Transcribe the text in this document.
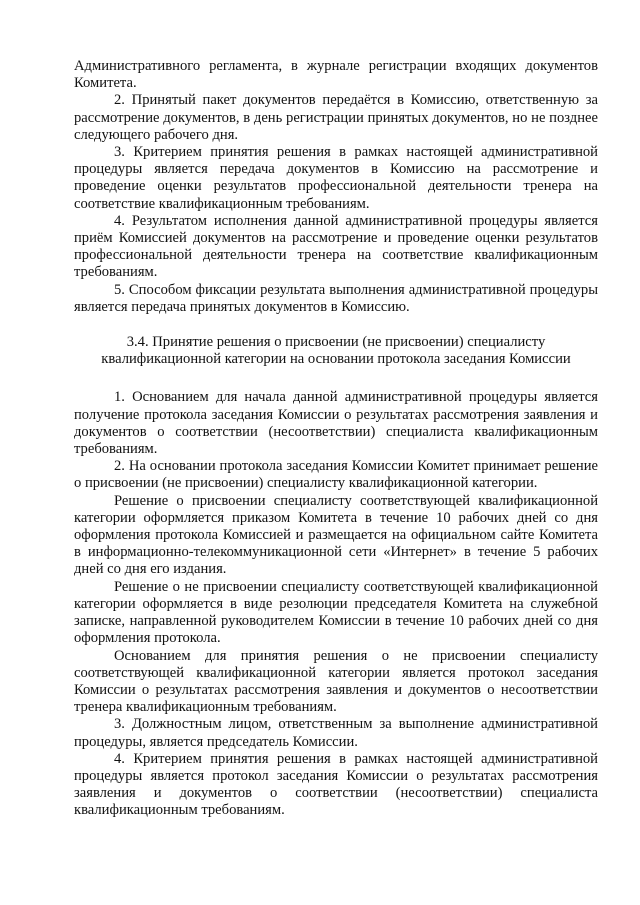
Административного регламента, в журнале регистрации входящих документов Комитета.

2. Принятый пакет документов передаётся в Комиссию, ответственную за рассмотрение документов, в день регистрации принятых документов, но не позднее следующего рабочего дня.

3. Критерием принятия решения в рамках настоящей административной процедуры является передача документов в Комиссию на рассмотрение и проведение оценки результатов профессиональной деятельности тренера на соответствие квалификационным требованиям.

4. Результатом исполнения данной административной процедуры является приём Комиссией документов на рассмотрение и проведение оценки результатов профессиональной деятельности тренера на соответствие квалификационным требованиям.

5. Способом фиксации результата выполнения административной процедуры является передача принятых документов в Комиссию.

3.4. Принятие решения о присвоении (не присвоении) специалисту
квалификационной категории на основании протокола заседания Комиссии

1. Основанием для начала данной административной процедуры является получение протокола заседания Комиссии о результатах рассмотрения заявления и документов о соответствии (несоответствии) специалиста квалификационным требованиям.

2. На основании протокола заседания Комиссии Комитет принимает решение о присвоении (не присвоении) специалисту квалификационной категории.

Решение о присвоении специалисту соответствующей квалификационной категории оформляется приказом Комитета в течение 10 рабочих дней со дня оформления протокола Комиссией и размещается на официальном сайте Комитета в информационно-телекоммуникационной сети «Интернет» в течение 5 рабочих дней со дня его издания.

Решение о не присвоении специалисту соответствующей квалификационной категории оформляется в виде резолюции председателя Комитета на служебной записке, направленной руководителем Комиссии в течение 10 рабочих дней со дня оформления протокола.

Основанием для принятия решения о не присвоении специалисту соответствующей квалификационной категории является протокол заседания Комиссии о результатах рассмотрения заявления и документов о несоответствии тренера квалификационным требованиям.

3. Должностным лицом, ответственным за выполнение административной процедуры, является председатель Комиссии.

4. Критерием принятия решения в рамках настоящей административной процедуры является протокол заседания Комиссии о результатах рассмотрения заявления и документов о соответствии (несоответствии) специалиста квалификационным требованиям.
